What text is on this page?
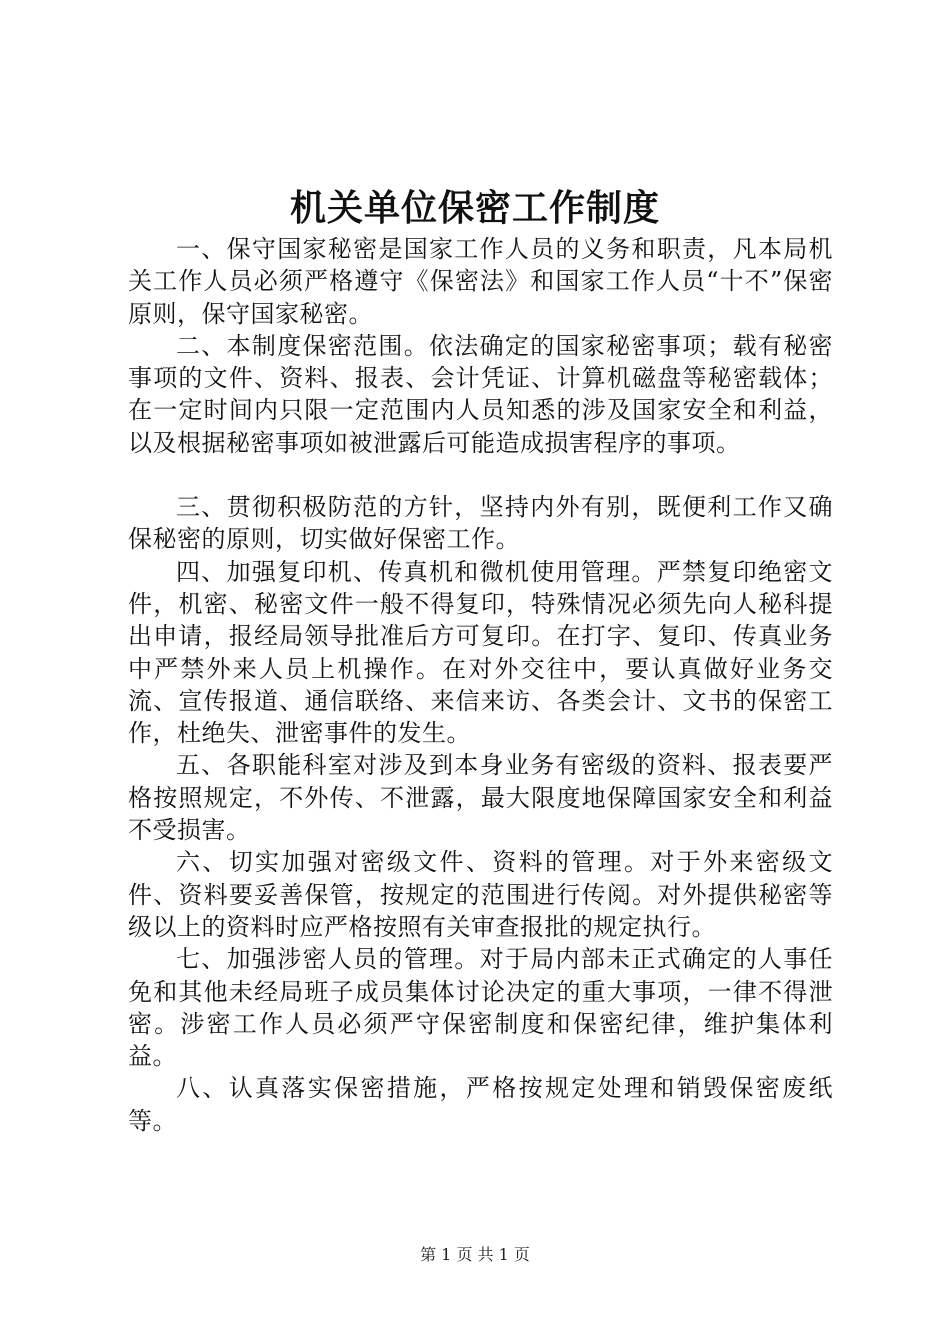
机关单位保密工作制度

一、保守国家秘密是国家工作人员的义务和职责，凡本局机关工作人员必须严格遵守《保密法》和国家工作人员“十不”保密原则，保守国家秘密。

二、本制度保密范围。依法确定的国家秘密事项；载有秘密事项的文件、资料、报表、会计凭证、计算机磁盘等秘密载体；在一定时间内只限一定范围内人员知悉的涉及国家安全和利益，以及根据秘密事项如被泄露后可能造成损害程序的事项。

三、贯彻积极防范的方针，坚持内外有别，既便利工作又确保秘密的原则，切实做好保密工作。

四、加强复印机、传真机和微机使用管理。严禁复印绝密文件，机密、秘密文件一般不得复印，特殊情况必须先向人秘科提出申请，报经局领导批准后方可复印。在打字、复印、传真业务中严禁外来人员上机操作。在对外交往中，要认真做好业务交流、宣传报道、通信联络、来信来访、各类会计、文书的保密工作，杜绝失、泄密事件的发生。

五、各职能科室对涉及到本身业务有密级的资料、报表要严格按照规定，不外传、不泄露，最大限度地保障国家安全和利益不受损害。

六、切实加强对密级文件、资料的管理。对于外来密级文件、资料要妥善保管，按规定的范围进行传阅。对外提供秘密等级以上的资料时应严格按照有关审查报批的规定执行。

七、加强涉密人员的管理。对于局内部未正式确定的人事任免和其他未经局班子成员集体讨论决定的重大事项，一律不得泄密。涉密工作人员必须严守保密制度和保密纪律，维护集体利益。

八、认真落实保密措施，严格按规定处理和销毁保密废纸等。

第 1 页 共 1 页
